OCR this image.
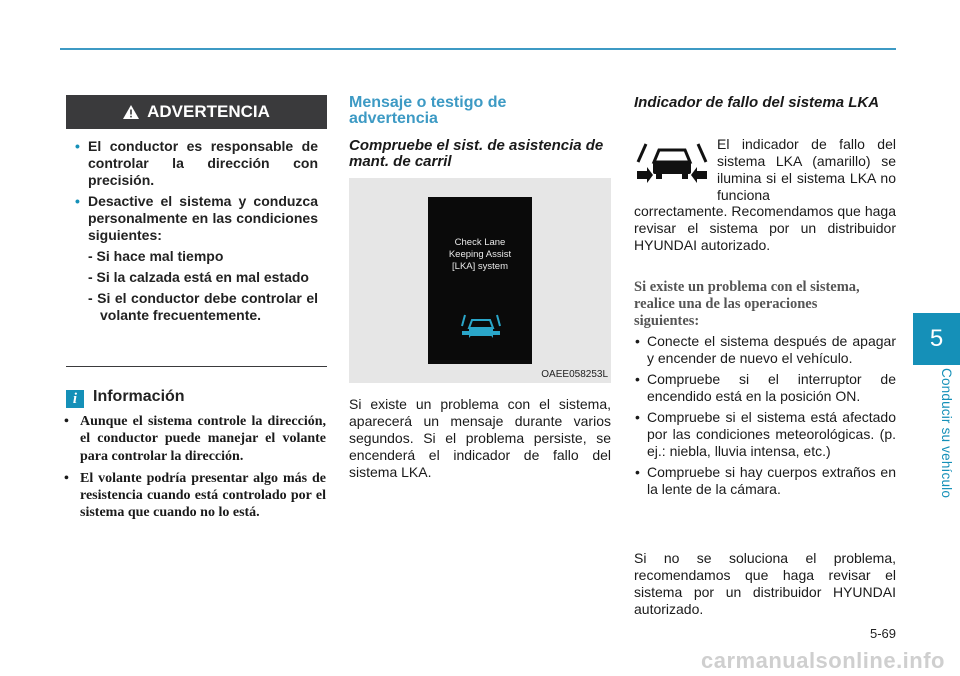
5
Conducir su vehículo
5-69
carmanualsonline.info
ADVERTENCIA
• El conductor es responsable de controlar la dirección con precisión.
• Desactive el sistema y conduzca personalmente en las condiciones siguientes:
- Si hace mal tiempo
- Si la calzada está en mal estado
- Si el conductor debe controlar el volante frecuentemente.
i Información
• Aunque el sistema controle la dirección, el conductor puede manejar el volante para controlar la dirección.
• El volante podría presentar algo más de resistencia cuando está controlado por el sistema que cuando no lo está.
Mensaje o testigo de advertencia
Compruebe el sist. de asistencia de mant. de carril
Check Lane
Keeping Assist
[LKA] system
OAEE058253L
Si existe un problema con el sistema, aparecerá un mensaje durante varios segundos. Si el problema persiste, se encenderá el indicador de fallo del sistema LKA.
Indicador de fallo del sistema LKA
El indicador de fallo del sistema LKA (amarillo) se ilumina si el sistema LKA no funciona
correctamente. Recomendamos que haga revisar el sistema por un distribuidor HYUNDAI autorizado.
Si existe un problema con el sistema, realice una de las operaciones siguientes:
• Conecte el sistema después de apagar y encender de nuevo el vehículo.
• Compruebe si el interruptor de encendido está en la posición ON.
• Compruebe si el sistema está afectado por las condiciones meteorológicas. (p. ej.: niebla, lluvia intensa, etc.)
• Compruebe si hay cuerpos extraños en la lente de la cámara.
Si no se soluciona el problema, recomendamos que haga revisar el sistema por un distribuidor HYUNDAI autorizado.
